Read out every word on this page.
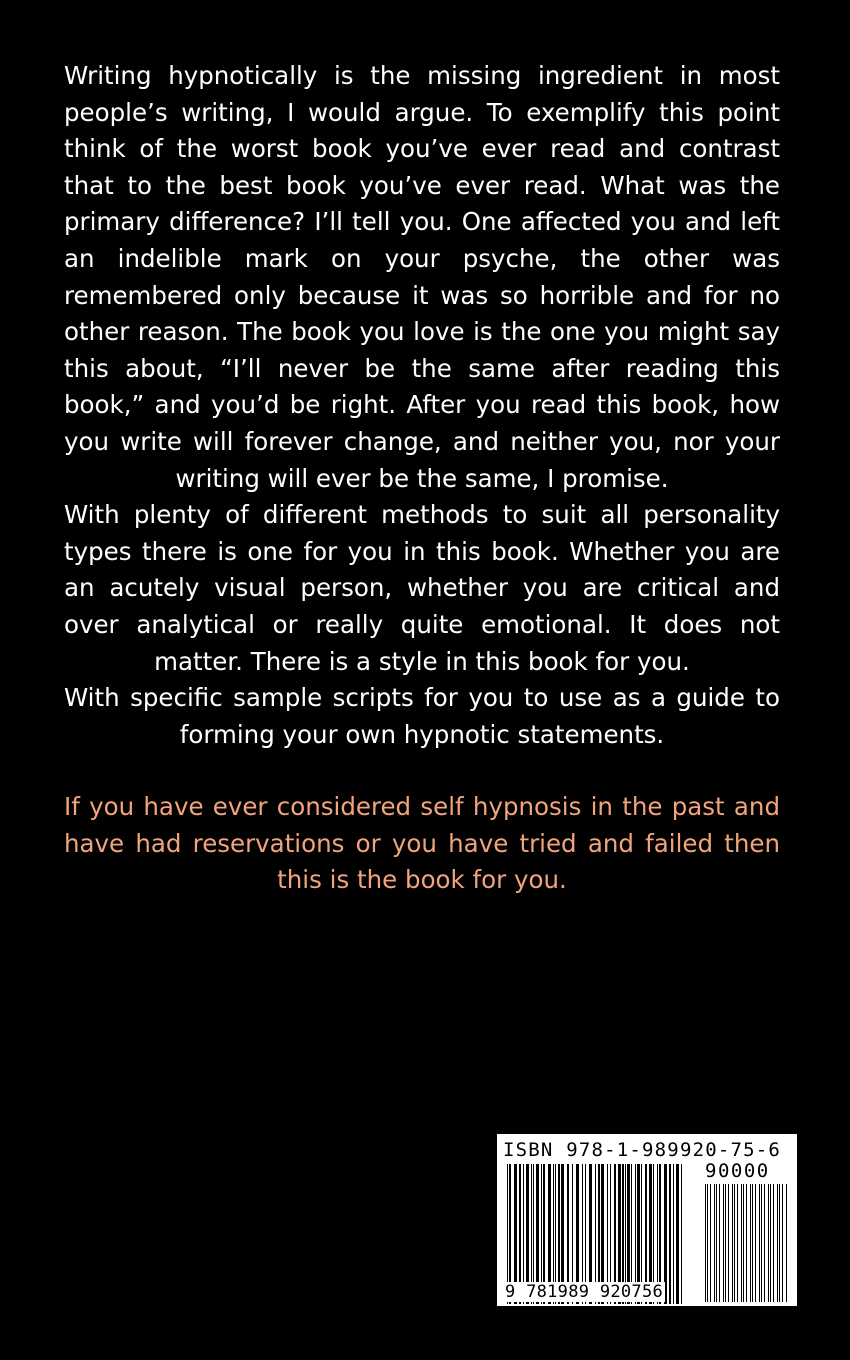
Writing hypnotically is the missing ingredient in most people’s writing, I would argue. To exemplify this point think of the worst book you’ve ever read and contrast that to the best book you’ve ever read. What was the primary difference? I’ll tell you. One affected you and left an indelible mark on your psyche, the other was remembered only because it was so horrible and for no other reason. The book you love is the one you might say this about, “I’ll never be the same after reading this book,” and you’d be right. After you read this book, how you write will forever change, and neither you, nor your writing will ever be the same, I promise.

With plenty of different methods to suit all personality types there is one for you in this book. Whether you are an acutely visual person, whether you are critical and over analytical or really quite emotional. It does not matter. There is a style in this book for you.

With specific sample scripts for you to use as a guide to forming your own hypnotic statements.

If you have ever considered self hypnosis in the past and have had reservations or you have tried and failed then this is the book for you.

ISBN 978-1-989920-75-6
90000
9 781989 920756
